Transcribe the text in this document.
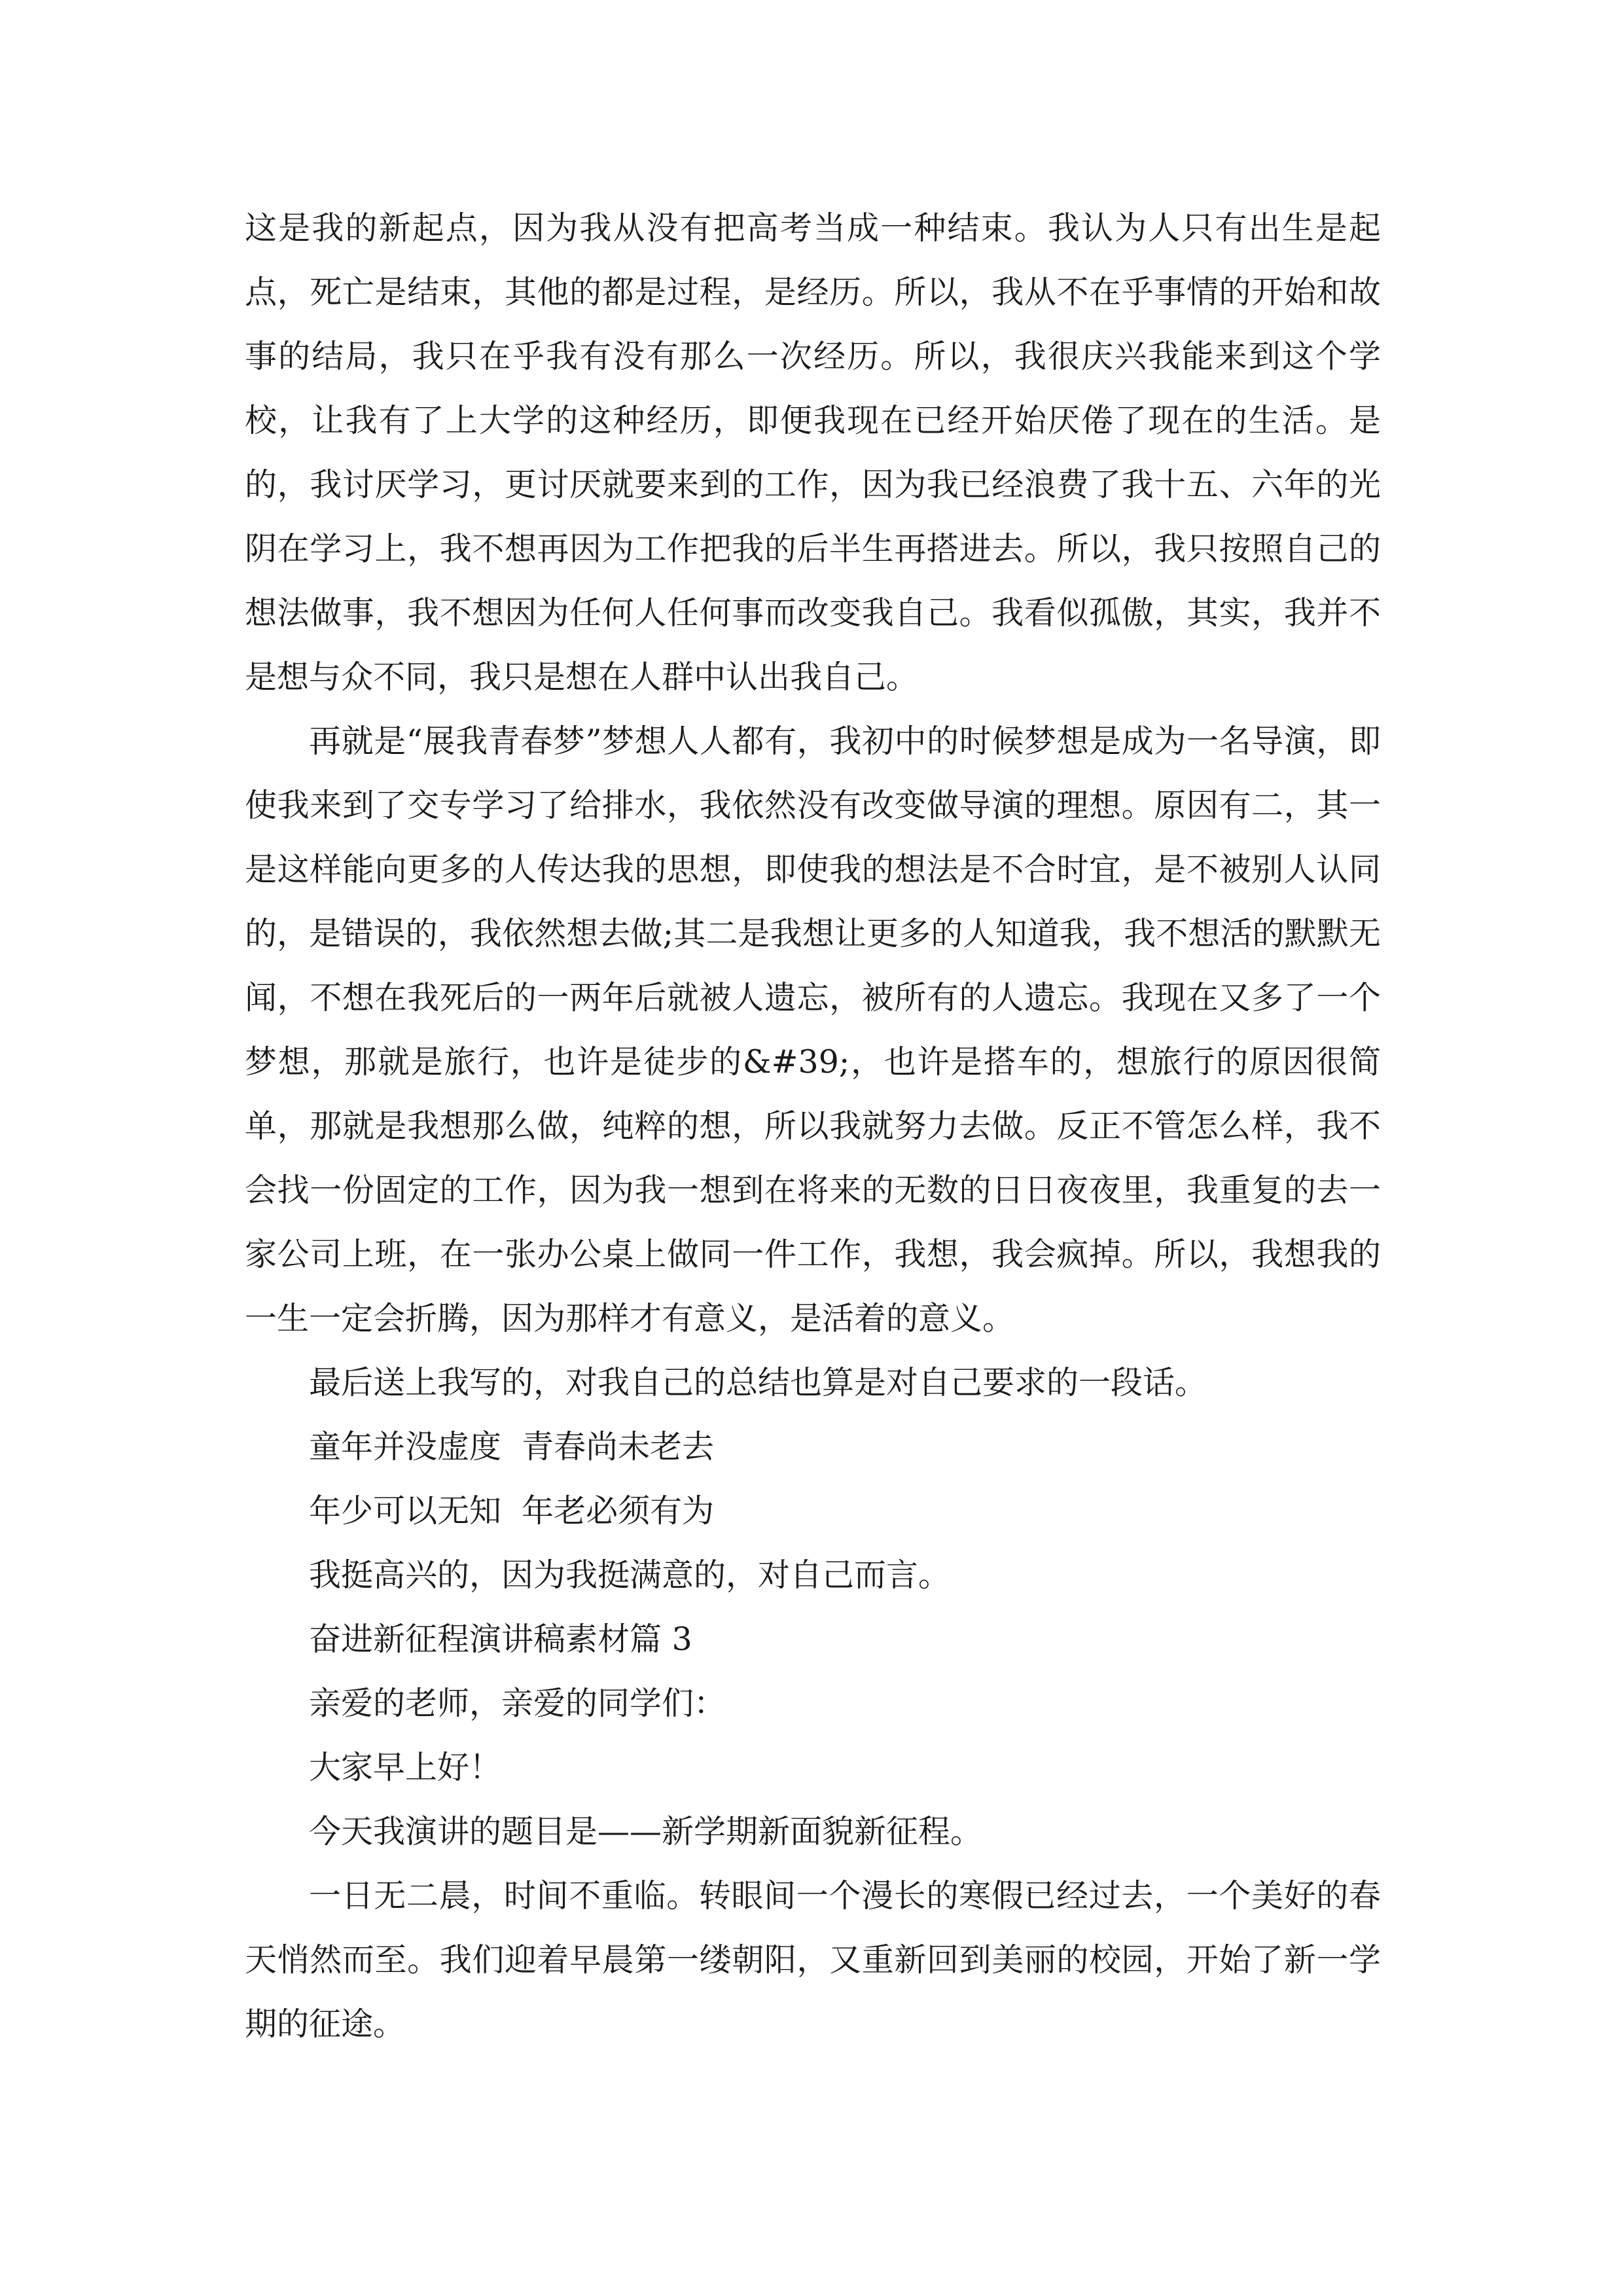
这是我的新起点，因为我从没有把高考当成一种结束。我认为人只有出生是起点，死亡是结束，其他的都是过程，是经历。所以，我从不在乎事情的开始和故事的结局，我只在乎我有没有那么一次经历。所以，我很庆兴我能来到这个学校，让我有了上大学的这种经历，即便我现在已经开始厌倦了现在的生活。是的，我讨厌学习，更讨厌就要来到的工作，因为我已经浪费了我十五、六年的光阴在学习上，我不想再因为工作把我的后半生再搭进去。所以，我只按照自己的想法做事，我不想因为任何人任何事而改变我自己。我看似孤傲，其实，我并不是想与众不同，我只是想在人群中认出我自己。

再就是“展我青春梦”梦想人人都有，我初中的时候梦想是成为一名导演，即使我来到了交专学习了给排水，我依然没有改变做导演的理想。原因有二，其一是这样能向更多的人传达我的思想，即使我的想法是不合时宜，是不被别人认同的，是错误的，我依然想去做;其二是我想让更多的人知道我，我不想活的默默无闻，不想在我死后的一两年后就被人遗忘，被所有的人遗忘。我现在又多了一个梦想，那就是旅行，也许是徒步的&#39;，也许是搭车的，想旅行的原因很简单，那就是我想那么做，纯粹的想，所以我就努力去做。反正不管怎么样，我不会找一份固定的工作，因为我一想到在将来的无数的日日夜夜里，我重复的去一家公司上班，在一张办公桌上做同一件工作，我想，我会疯掉。所以，我想我的一生一定会折腾，因为那样才有意义，是活着的意义。

最后送上我写的，对我自己的总结也算是对自己要求的一段话。

童年并没虚度  青春尚未老去

年少可以无知  年老必须有为

我挺高兴的，因为我挺满意的，对自己而言。

奋进新征程演讲稿素材篇 3

亲爱的老师，亲爱的同学们：

大家早上好！

今天我演讲的题目是——新学期新面貌新征程。

一日无二晨，时间不重临。转眼间一个漫长的寒假已经过去，一个美好的春天悄然而至。我们迎着早晨第一缕朝阳，又重新回到美丽的校园，开始了新一学期的征途。
